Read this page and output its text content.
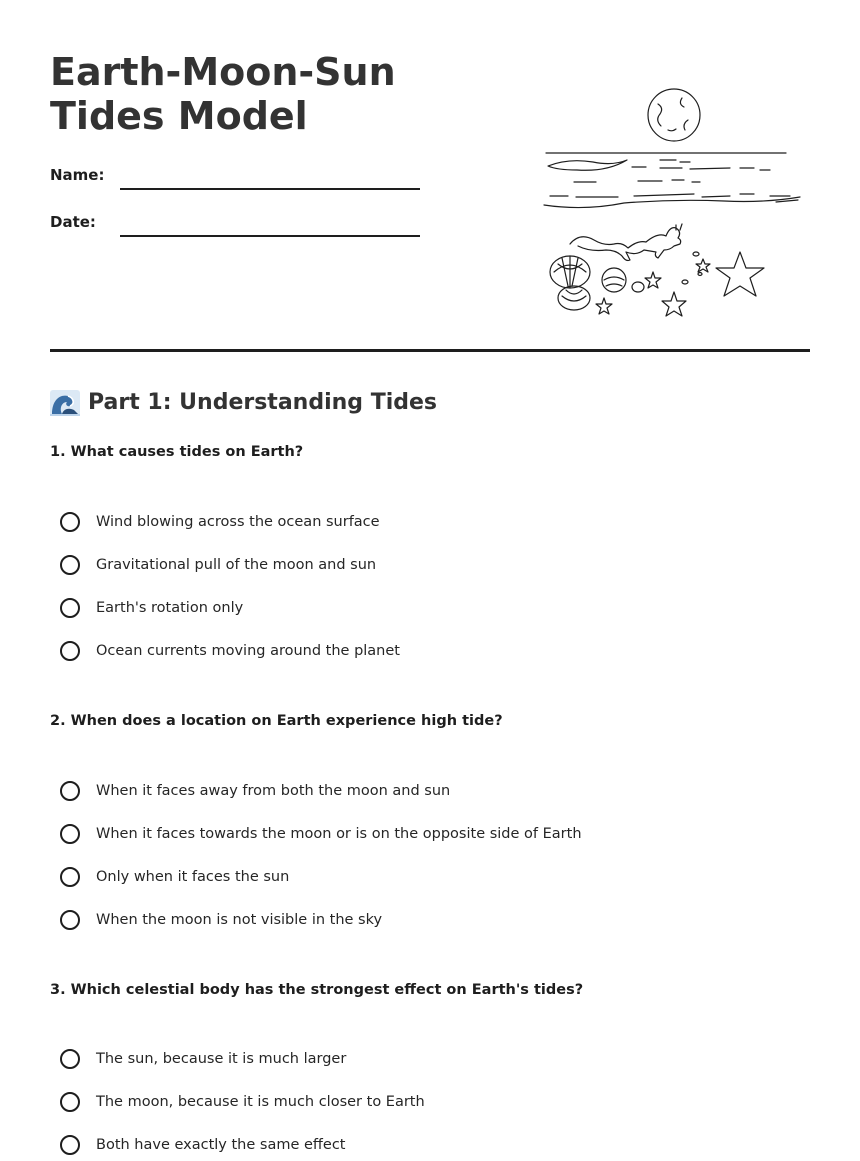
Earth-Moon-Sun Tides Model
Name:
Date:
Part 1: Understanding Tides

1. What causes tides on Earth?

Wind blowing across the ocean surface
Gravitational pull of the moon and sun
Earth's rotation only
Ocean currents moving around the planet

2. When does a location on Earth experience high tide?

When it faces away from both the moon and sun
When it faces towards the moon or is on the opposite side of Earth
Only when it faces the sun
When the moon is not visible in the sky

3. Which celestial body has the strongest effect on Earth's tides?

The sun, because it is much larger
The moon, because it is much closer to Earth
Both have exactly the same effect
